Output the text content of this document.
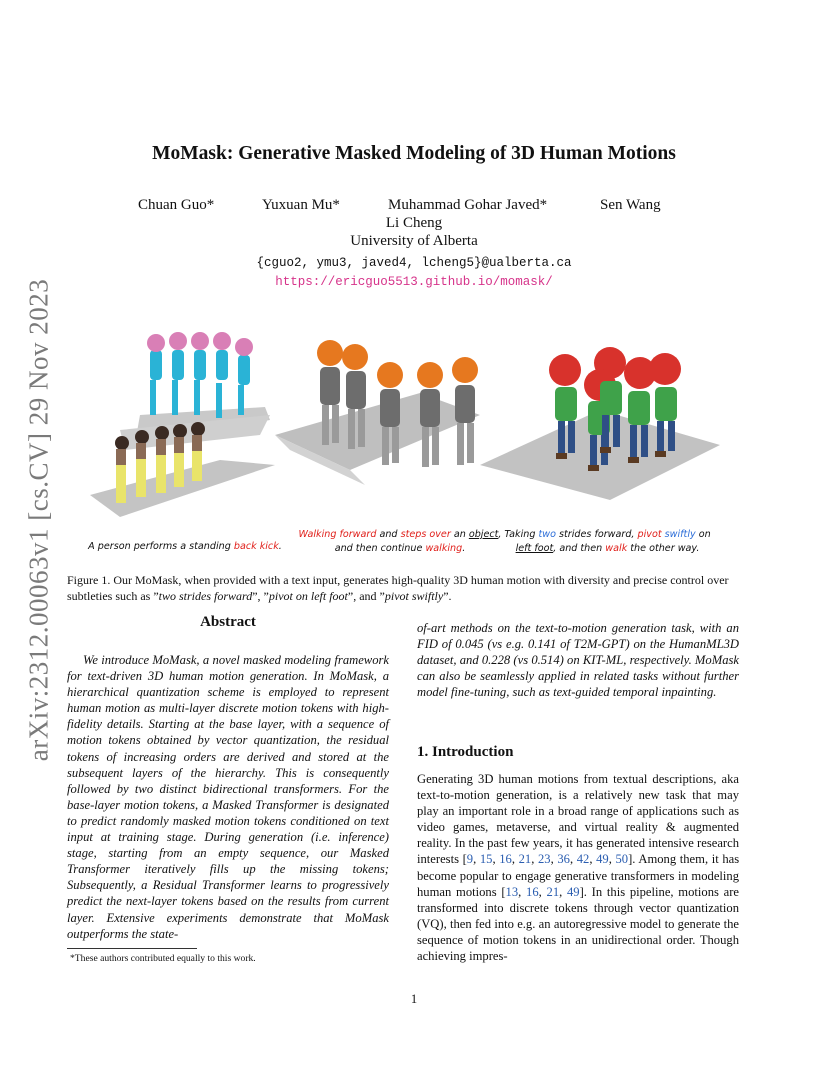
arXiv:2312.00063v1 [cs.CV] 29 Nov 2023
MoMask: Generative Masked Modeling of 3D Human Motions
Chuan Guo*	Yuxuan Mu*	Muhammad Gohar Javed*	Sen Wang
Li Cheng
University of Alberta
{cguo2, ymu3, javed4, lcheng5}@ualberta.ca
https://ericguo5513.github.io/momask/
A person performs a standing back kick.
Walking forward and steps over an object,
and then continue walking.
Taking two strides forward, pivot swiftly on
left foot, and then walk the other way.
Figure 1. Our MoMask, when provided with a text input, generates high-quality 3D human motion with diversity and precise control over
subtleties such as ”two strides forward”, ”pivot on left foot”, and ”pivot swiftly”.
Abstract
We introduce MoMask, a novel masked modeling framework for text-driven 3D human motion generation. In MoMask, a hierarchical quantization scheme is employed to represent human motion as multi-layer discrete motion tokens with high-fidelity details. Starting at the base layer, with a sequence of motion tokens obtained by vector quantization, the residual tokens of increasing orders are derived and stored at the subsequent layers of the hierarchy. This is consequently followed by two distinct bidirectional transformers. For the base-layer motion tokens, a Masked Transformer is designated to predict randomly masked motion tokens conditioned on text input at training stage. During generation (i.e. inference) stage, starting from an empty sequence, our Masked Transformer iteratively fills up the missing tokens; Subsequently, a Residual Transformer learns to progressively predict the next-layer tokens based on the results from current layer. Extensive experiments demonstrate that MoMask outperforms the state-
of-art methods on the text-to-motion generation task, with an FID of 0.045 (vs e.g. 0.141 of T2M-GPT) on the HumanML3D dataset, and 0.228 (vs 0.514) on KIT-ML, respectively. MoMask can also be seamlessly applied in related tasks without further model fine-tuning, such as text-guided temporal inpainting.
1. Introduction
Generating 3D human motions from textual descriptions, aka text-to-motion generation, is a relatively new task that may play an important role in a broad range of applications such as video games, metaverse, and virtual reality & augmented reality. In the past few years, it has generated intensive research interests [9, 15, 16, 21, 23, 36, 42, 49, 50]. Among them, it has become popular to engage generative transformers in modeling human motions [13, 16, 21, 49]. In this pipeline, motions are transformed into discrete tokens through vector quantization (VQ), then fed into e.g. an autoregressive model to generate the sequence of motion tokens in an unidirectional order. Though achieving impres-
*These authors contributed equally to this work.
1
